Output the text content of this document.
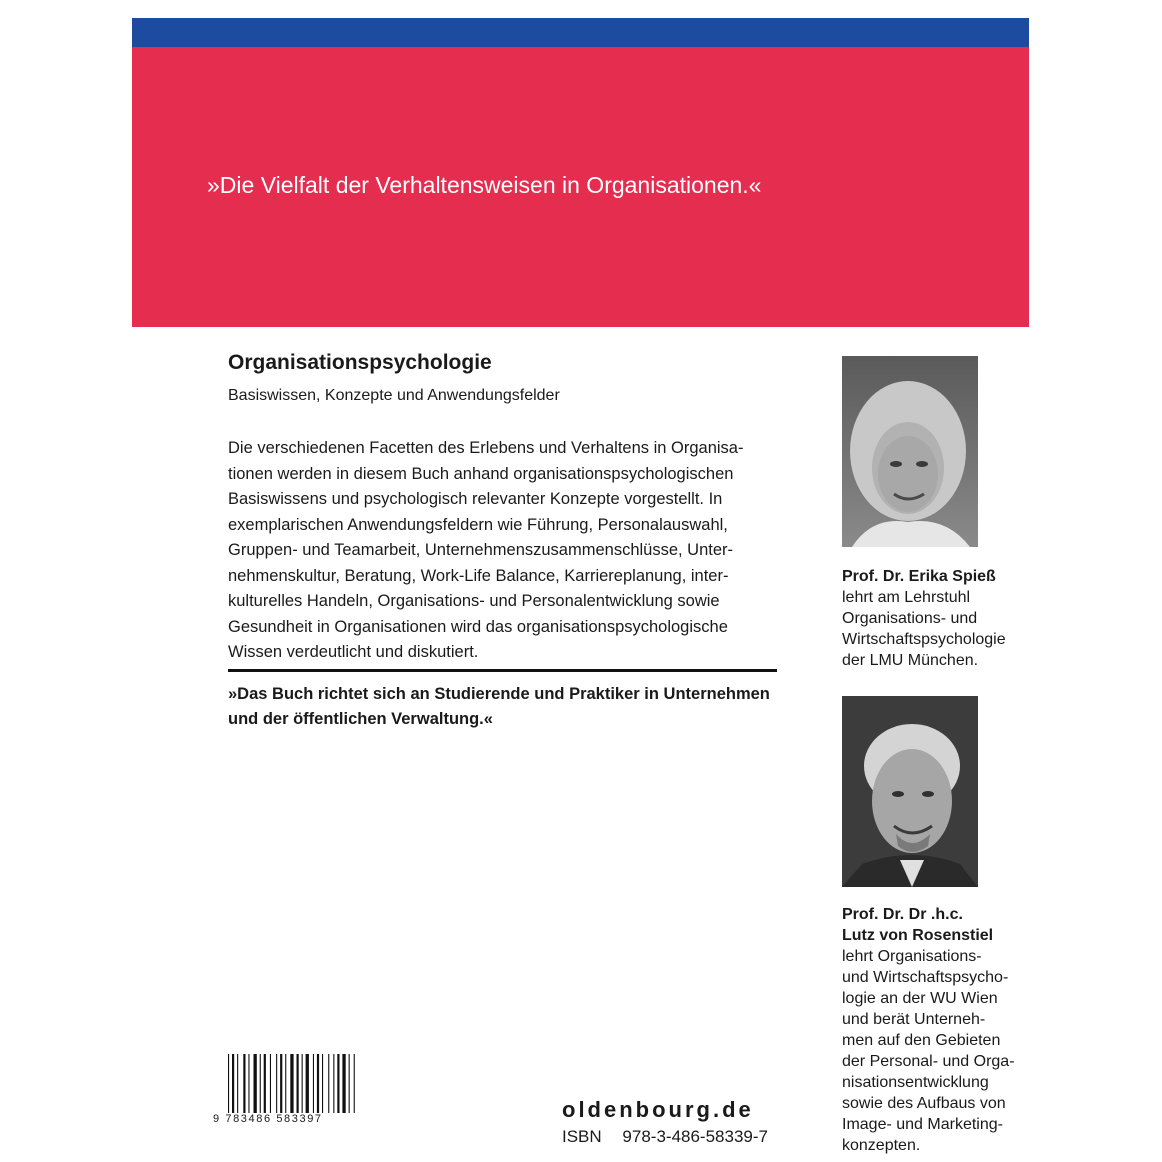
»Die Vielfalt der Verhaltensweisen in Organisationen.«
Organisationspsychologie
Basiswissen, Konzepte und Anwendungsfelder
Die verschiedenen Facetten des Erlebens und Verhaltens in Organisa-
tionen werden in diesem Buch anhand organisationspsychologischen
Basiswissens und psychologisch relevanter Konzepte vorgestellt. In
exemplarischen Anwendungsfeldern wie Führung, Personalauswahl,
Gruppen- und Teamarbeit, Unternehmenszusammenschlüsse, Unter-
nehmenskultur, Beratung, Work-Life Balance, Karriereplanung, inter-
kulturelles Handeln, Organisations- und Personalentwicklung sowie
Gesundheit in Organisationen wird das organisationspsychologische
Wissen verdeutlicht und diskutiert.
»Das Buch richtet sich an Studierende und Praktiker in Unternehmen
und der öffentlichen Verwaltung.«
Prof. Dr. Erika Spieß
lehrt am Lehrstuhl
Organisations- und
Wirtschaftspsychologie
der LMU München.
Prof. Dr. Dr .h.c.
Lutz von Rosenstiel
lehrt Organisations-
und Wirtschaftspsycho-
logie an der WU Wien
und berät Unterneh-
men auf den Gebieten
der Personal- und Orga-
nisationsentwicklung
sowie des Aufbaus von
Image- und Marketing-
konzepten.
9 783486 583397	oldenbourg.de
ISBN 978-3-486-58339-7
